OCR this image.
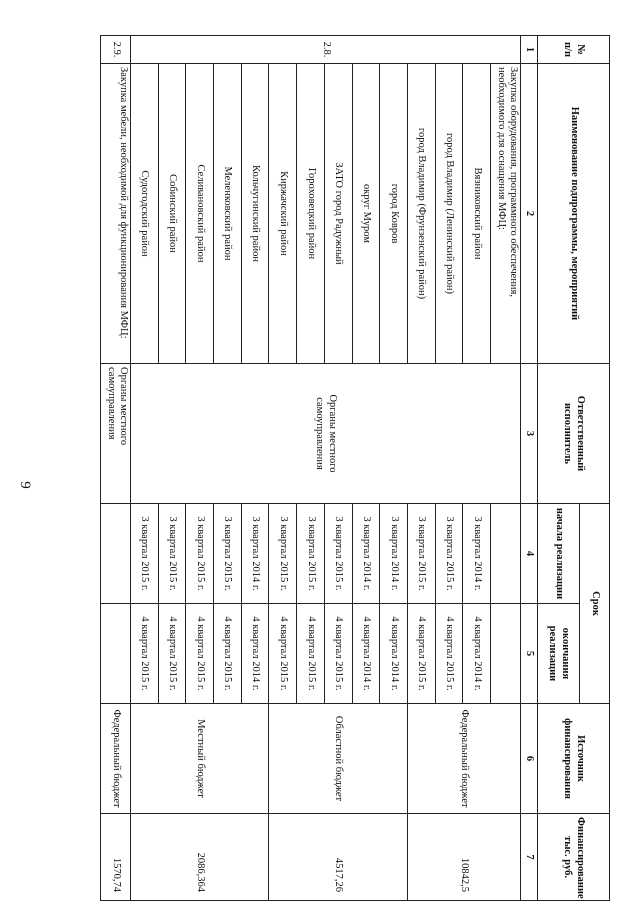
9
№ п/п	Наименование подпрограммы, мероприятий	Ответственный исполнитель	Срок		Источник финансирования	Финансирование тыс. руб.
			начала реализации	окончания реализации		
1	2	3	4	5	6	7
2.8.	Закупка оборудования, программного обеспечения, необходимого для оснащения МФЦ:	Органы местного самоуправления			Федеральный бюджет	10842,5
	Вязниковский район		3 квартал 2014 г.	4 квартал 2014 г.		
	город Владимир (Ленинский район)		3 квартал 2015 г.	4 квартал 2015 г.		
	город Владимир (Фрунзенский район)		3 квартал 2015 г.	4 квартал 2015 г.		
	город Ковров		3 квартал 2014 г.	4 квартал 2014 г.	Областной бюджет	4517,26
	округ Муром		3 квартал 2014 г.	4 квартал 2014 г.		
	ЗАТО город Радужный		3 квартал 2015 г.	4 квартал 2015 г.		
	Гороховецкий район		3 квартал 2015 г.	4 квартал 2015 г.		
	Киржачский район		3 квартал 2015 г.	4 квартал 2015 г.		
	Кольчугинский район		3 квартал 2014 г.	4 квартал 2014 г.	Местный бюджет	2086,364
	Меленковский район		3 квартал 2015 г.	4 квартал 2015 г.		
	Селивановский район		3 квартал 2015 г.	4 квартал 2015 г.		
	Собинский район		3 квартал 2015 г.	4 квартал 2015 г.		
	Судогодский район		3 квартал 2015 г.	4 квартал 2015 г.		
2.9.	Закупка мебели, необходимой для функционирования МФЦ:	Органы местного самоуправления			Федеральный бюджет	1570,74
